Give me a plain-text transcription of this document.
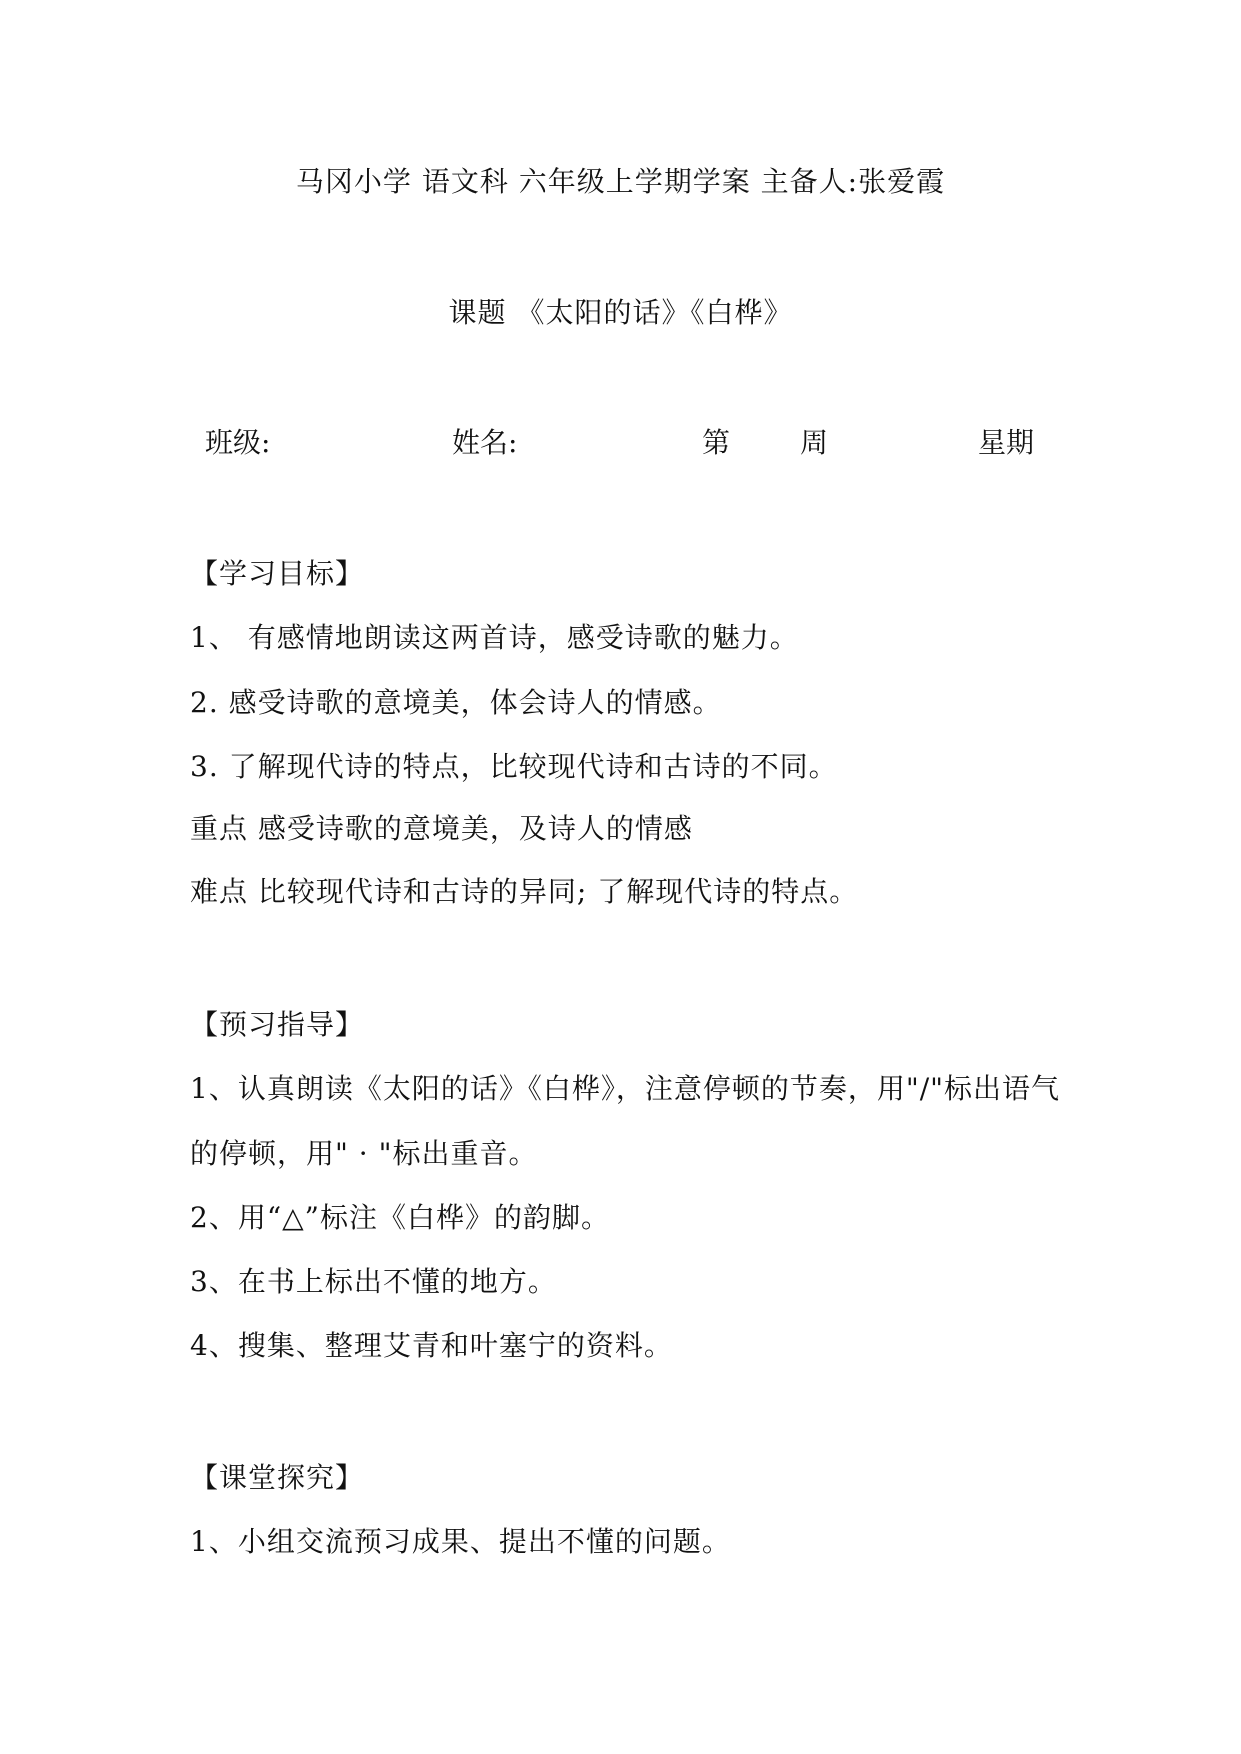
马冈小学 语文科 六年级上学期学案 主备人:张爱霞
课题 《太阳的话》《白桦》
班级:	姓名:	第 周	星期
【学习目标】
1、 有感情地朗读这两首诗，感受诗歌的魅力。
2. 感受诗歌的意境美，体会诗人的情感。
3. 了解现代诗的特点，比较现代诗和古诗的不同。
重点 感受诗歌的意境美，及诗人的情感
难点 比较现代诗和古诗的异同; 了解现代诗的特点。
【预习指导】
1、认真朗读《太阳的话》《白桦》，注意停顿的节奏，用"/"标出语气
的停顿，用" · "标出重音。
2、用“△”标注《白桦》的韵脚。
3、在书上标出不懂的地方。
4、搜集、整理艾青和叶塞宁的资料。
【课堂探究】
1、小组交流预习成果、提出不懂的问题。
